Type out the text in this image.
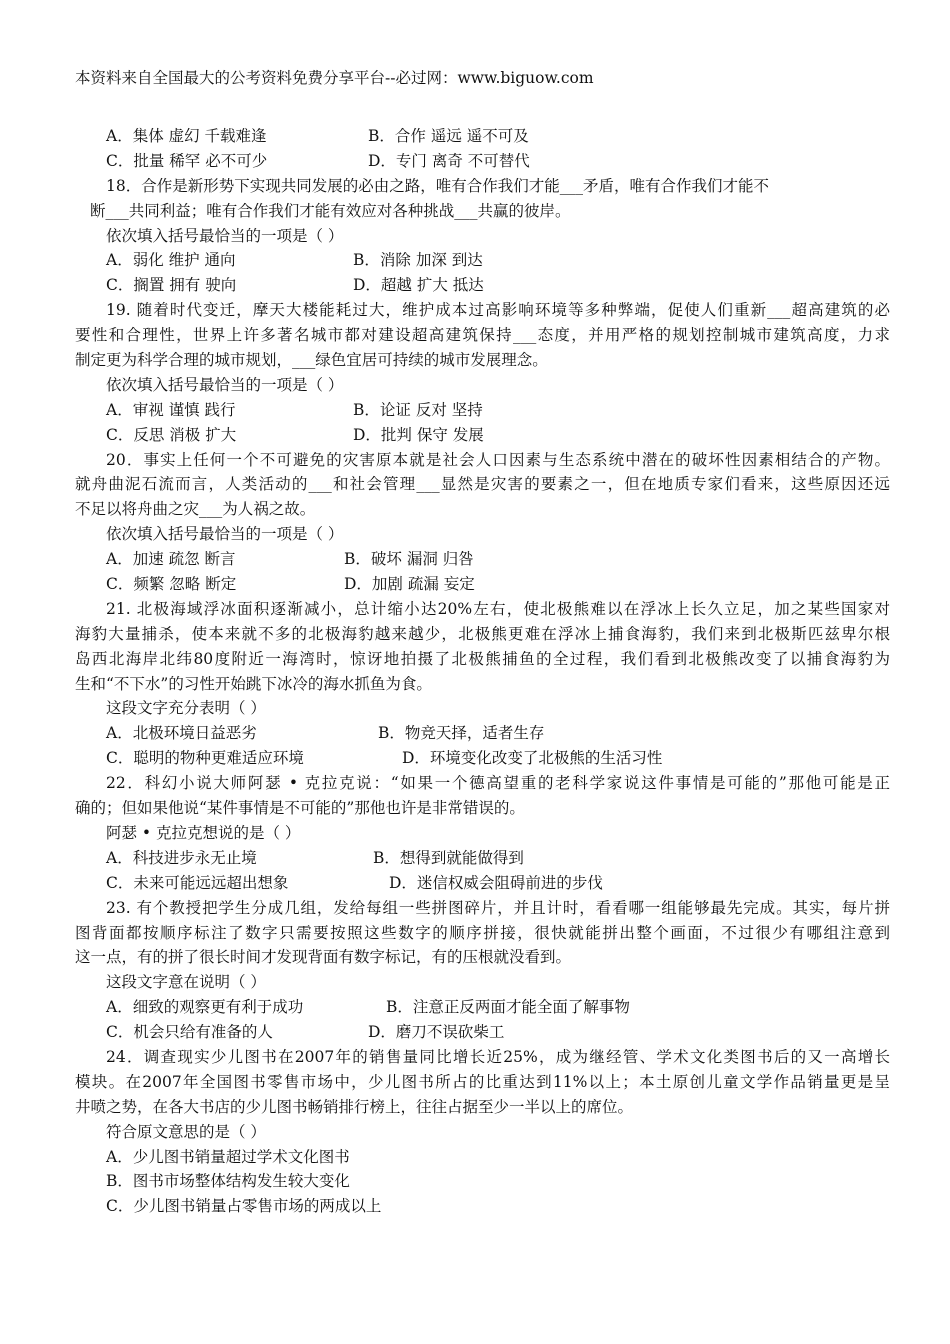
本资料来自全国最大的公考资料免费分享平台--必过网：www.biguow.com
A．集体 虚幻 千载难逢	B．合作 遥远 遥不可及
C．批量 稀罕 必不可少	D．专门 离奇 不可替代
18．合作是新形势下实现共同发展的必由之路，唯有合作我们才能___矛盾，唯有合作我们才能不
断___共同利益；唯有合作我们才能有效应对各种挑战___共赢的彼岸。
依次填入括号最恰当的一项是（ ）
A．弱化 维护 通向	B．消除 加深 到达
C．搁置 拥有 驶向	D．超越 扩大 抵达
19. 随着时代变迁，摩天大楼能耗过大，维护成本过高影响环境等多种弊端，促使人们重新___超高建筑的必
要性和合理性，世界上许多著名城市都对建设超高建筑保持___态度，并用严格的规划控制城市建筑高度，力求
制定更为科学合理的城市规划，___绿色宜居可持续的城市发展理念。
依次填入括号最恰当的一项是（ ）
A．审视 谨慎 践行	B．论证 反对 坚持
C．反思 消极 扩大	D．批判 保守 发展
20．事实上任何一个不可避免的灾害原本就是社会人口因素与生态系统中潜在的破坏性因素相结合的产物。
就舟曲泥石流而言，人类活动的___和社会管理___显然是灾害的要素之一，但在地质专家们看来，这些原因还远
不足以将舟曲之灾___为人祸之故。
依次填入括号最恰当的一项是（ ）
A．加速 疏忽 断言	B．破坏 漏洞 归咎
C．频繁 忽略 断定	D．加剧 疏漏 妄定
21. 北极海域浮冰面积逐渐减小，总计缩小达20%左右，使北极熊难以在浮冰上长久立足，加之某些国家对
海豹大量捕杀，使本来就不多的北极海豹越来越少，北极熊更难在浮冰上捕食海豹，我们来到北极斯匹兹卑尔根
岛西北海岸北纬80度附近一海湾时，惊讶地拍摄了北极熊捕鱼的全过程，我们看到北极熊改变了以捕食海豹为
生和“不下水”的习性开始跳下冰冷的海水抓鱼为食。
这段文字充分表明（ ）
A．北极环境日益恶劣	B．物竞天择，适者生存
C．聪明的物种更难适应环境	D．环境变化改变了北极熊的生活习性
22．科幻小说大师阿瑟 • 克拉克说：“如果一个德高望重的老科学家说这件事情是可能的”那他可能是正
确的；但如果他说“某件事情是不可能的”那他也许是非常错误的。
阿瑟 • 克拉克想说的是（ ）
A．科技进步永无止境	B．想得到就能做得到
C．未来可能远远超出想象	D．迷信权威会阻碍前进的步伐
23. 有个教授把学生分成几组，发给每组一些拼图碎片，并且计时，看看哪一组能够最先完成。其实，每片拼
图背面都按顺序标注了数字只需要按照这些数字的顺序拼接，很快就能拼出整个画面，不过很少有哪组注意到
这一点，有的拼了很长时间才发现背面有数字标记，有的压根就没看到。
这段文字意在说明（ ）
A．细致的观察更有利于成功	B．注意正反两面才能全面了解事物
C．机会只给有准备的人	D．磨刀不误砍柴工
24．调查现实少儿图书在2007年的销售量同比增长近25%，成为继经管、学术文化类图书后的又一高增长
模块。在2007年全国图书零售市场中，少儿图书所占的比重达到11%以上；本土原创儿童文学作品销量更是呈
井喷之势，在各大书店的少儿图书畅销排行榜上，往往占据至少一半以上的席位。
符合原文意思的是（ ）
A．少儿图书销量超过学术文化图书
B．图书市场整体结构发生较大变化
C．少儿图书销量占零售市场的两成以上
